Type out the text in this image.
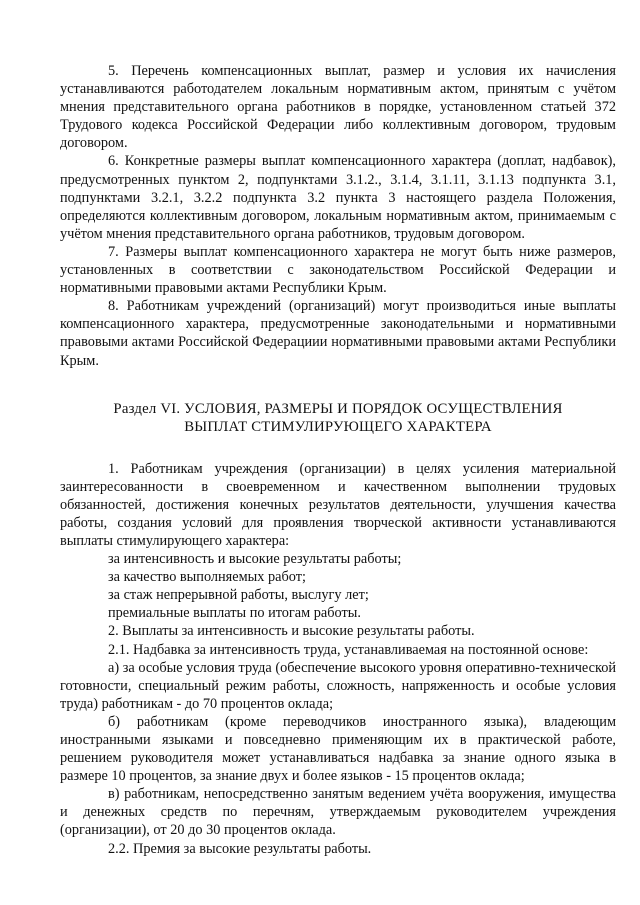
5. Перечень компенсационных выплат, размер и условия их начисления устанавливаются работодателем локальным нормативным актом, принятым с учётом мнения представительного органа работников в порядке, установленном статьей 372 Трудового кодекса Российской Федерации либо коллективным договором, трудовым договором.

6. Конкретные размеры выплат компенсационного характера (доплат, надбавок), предусмотренных пунктом 2, подпунктами 3.1.2., 3.1.4, 3.1.11, 3.1.13 подпункта 3.1, подпунктами 3.2.1, 3.2.2 подпункта 3.2 пункта 3 настоящего раздела Положения, определяются коллективным договором, локальным нормативным актом, принимаемым с учётом мнения представительного органа работников, трудовым договором.

7. Размеры выплат компенсационного характера не могут быть ниже размеров, установленных в соответствии с законодательством Российской Федерации и нормативными правовыми актами Республики Крым.

8. Работникам учреждений (организаций) могут производиться иные выплаты компенсационного характера, предусмотренные законодательными и нормативными правовыми актами Российской Федерациии нормативными правовыми актами Республики Крым.

Раздел VI. УСЛОВИЯ, РАЗМЕРЫ И ПОРЯДОК ОСУЩЕСТВЛЕНИЯ
ВЫПЛАТ СТИМУЛИРУЮЩЕГО ХАРАКТЕРА

1. Работникам учреждения (организации) в целях усиления материальной заинтересованности в своевременном и качественном выполнении трудовых обязанностей, достижения конечных результатов деятельности, улучшения качества работы, создания условий для проявления творческой активности устанавливаются выплаты стимулирующего характера:

за интенсивность и высокие результаты работы;

за качество выполняемых работ;

за стаж непрерывной работы, выслугу лет;

премиальные выплаты по итогам работы.

2. Выплаты за интенсивность и высокие результаты работы.

2.1. Надбавка за интенсивность труда, устанавливаемая на постоянной основе:

а) за особые условия труда (обеспечение высокого уровня оперативно-технической готовности, специальный режим работы, сложность, напряженность и особые условия труда) работникам - до 70 процентов оклада;

б) работникам (кроме переводчиков иностранного языка), владеющим иностранными языками и повседневно применяющим их в практической работе, решением руководителя может устанавливаться надбавка за знание одного языка в размере 10 процентов, за знание двух и более языков - 15 процентов оклада;

в) работникам, непосредственно занятым ведением учёта вооружения, имущества и денежных средств по перечням, утверждаемым руководителем учреждения (организации), от 20 до 30 процентов оклада.

2.2. Премия за высокие результаты работы.
